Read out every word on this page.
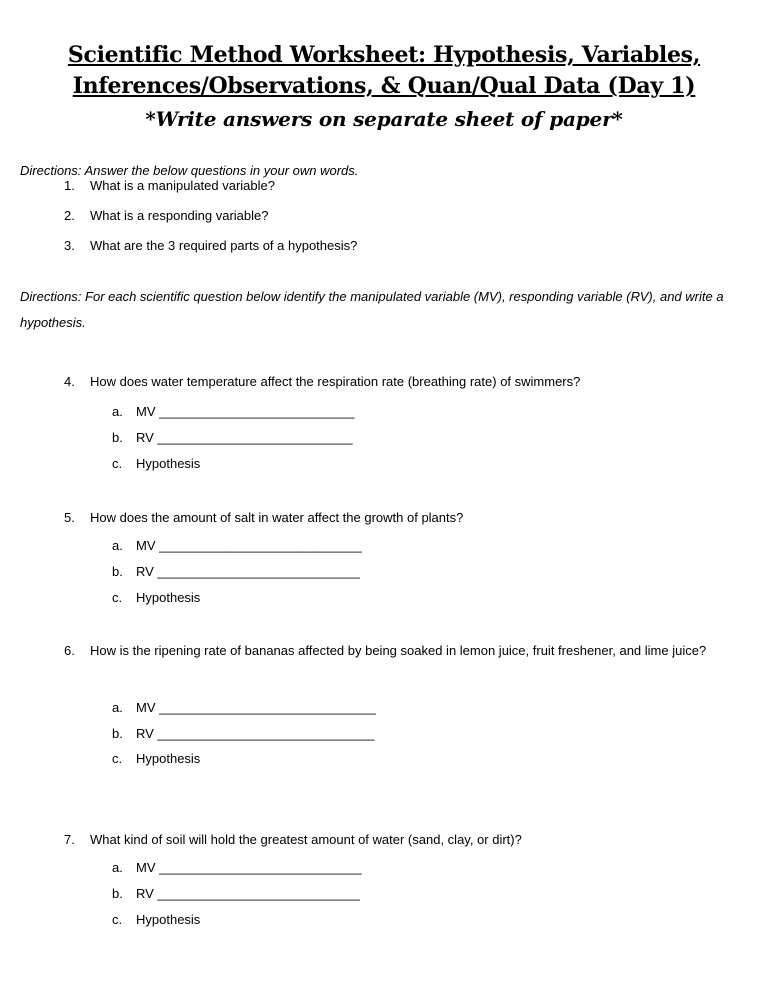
Scientific Method Worksheet: Hypothesis, Variables, Inferences/Observations, & Quan/Qual Data (Day 1)
*Write answers on separate sheet of paper*
Directions: Answer the below questions in your own words.
1. What is a manipulated variable?
2. What is a responding variable?
3. What are the 3 required parts of a hypothesis?
Directions: For each scientific question below identify the manipulated variable (MV), responding variable (RV), and write a hypothesis.
4. How does water temperature affect the respiration rate (breathing rate) of swimmers?
a. MV ___________________________
b. RV ___________________________
c. Hypothesis
5. How does the amount of salt in water affect the growth of plants?
a. MV ____________________________
b. RV ____________________________
c. Hypothesis
6. How is the ripening rate of bananas affected by being soaked in lemon juice, fruit freshener, and lime juice?
a. MV ______________________________
b. RV ______________________________
c. Hypothesis
7. What kind of soil will hold the greatest amount of water (sand, clay, or dirt)?
a. MV ____________________________
b. RV ____________________________
c. Hypothesis
